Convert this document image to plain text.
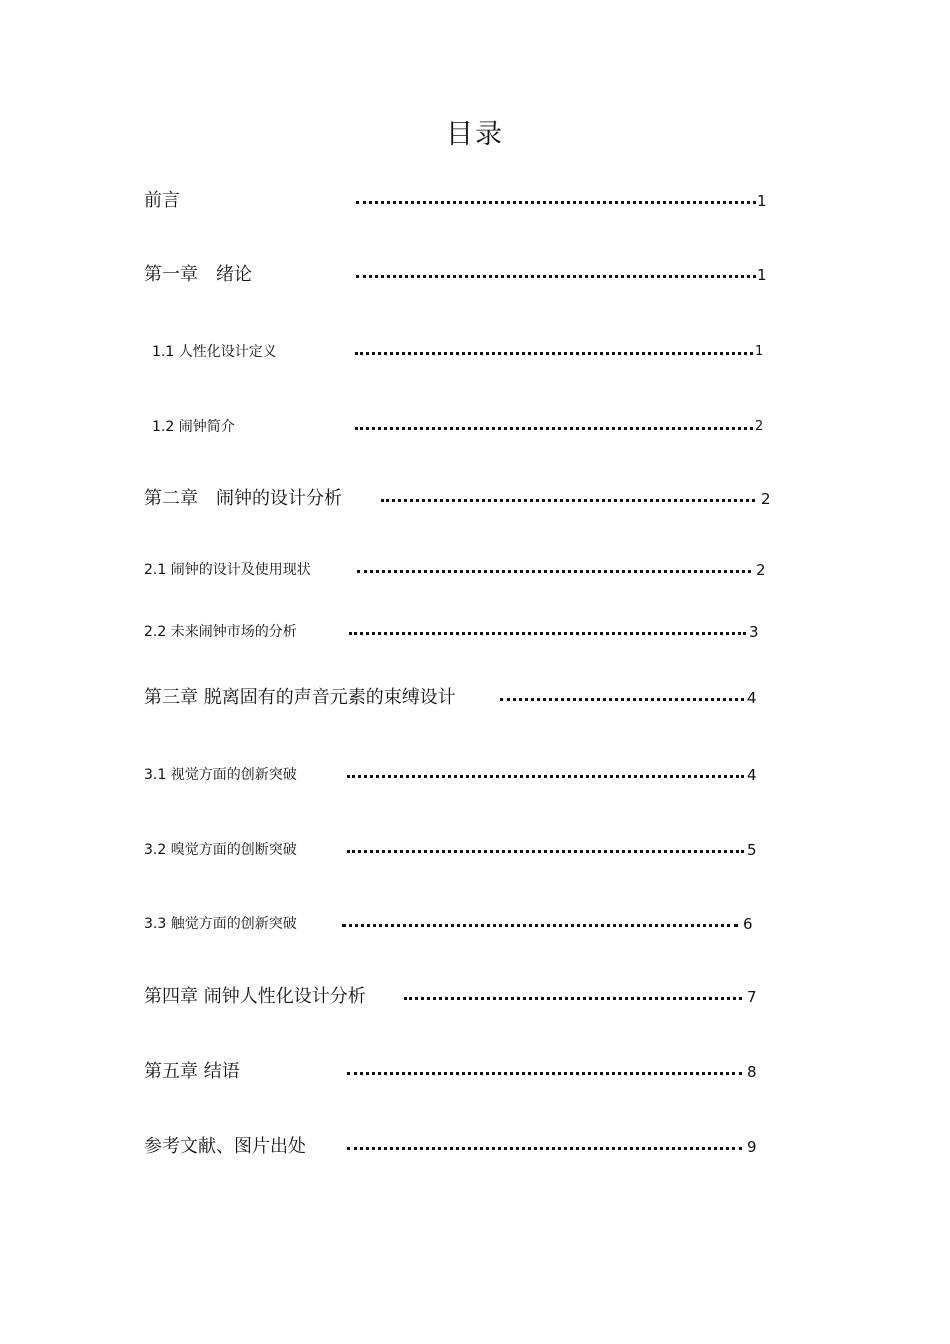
目录
前言	1
第一章　绪论	1
1.1 人性化设计定义	1
1.2 闹钟简介	2
第二章　闹钟的设计分析	2
2.1 闹钟的设计及使用现状	2
2.2 未来闹钟市场的分析	3
第三章 脱离固有的声音元素的束缚设计	4
3.1 视觉方面的创新突破	4
3.2 嗅觉方面的创断突破	5
3.3 触觉方面的创新突破	6
第四章 闹钟人性化设计分析	7
第五章 结语	8
参考文献、图片出处	9
